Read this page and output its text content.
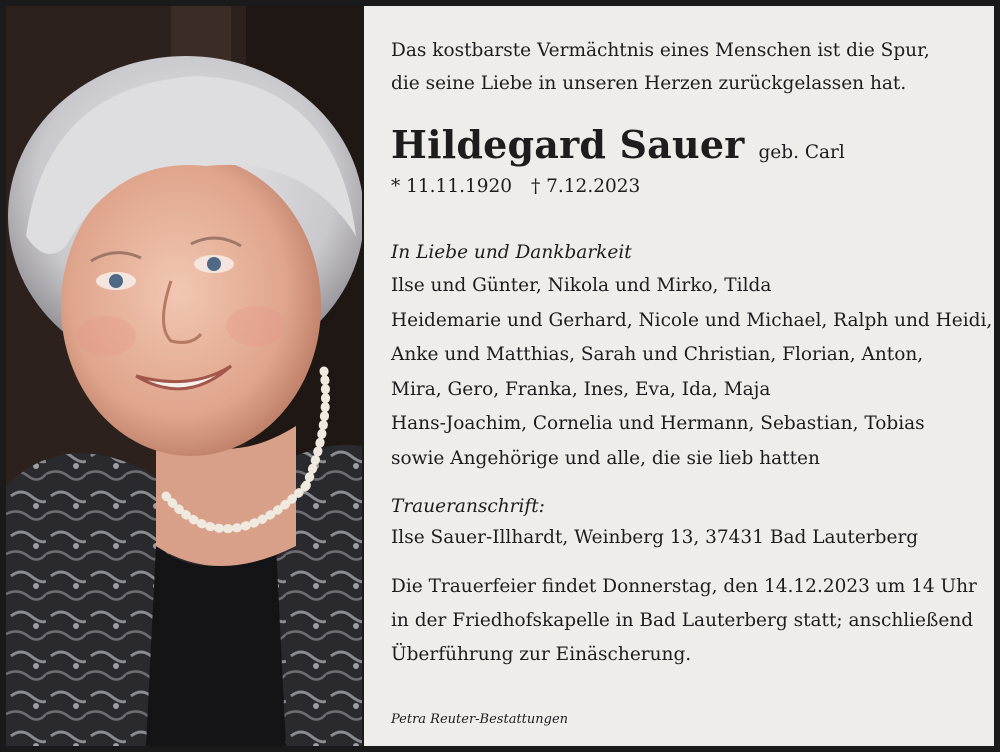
Das kostbarste Vermächtnis eines Menschen ist die Spur,
die seine Liebe in unseren Herzen zurückgelassen hat.
Hildegard Sauer geb. Carl
* 11.11.1920	† 7.12.2023
In Liebe und Dankbarkeit
Ilse und Günter, Nikola und Mirko, Tilda
Heidemarie und Gerhard, Nicole und Michael, Ralph und Heidi,
Anke und Matthias, Sarah und Christian, Florian, Anton,
Mira, Gero, Franka, Ines, Eva, Ida, Maja
Hans-Joachim, Cornelia und Hermann, Sebastian, Tobias
sowie Angehörige und alle, die sie lieb hatten
Traueranschrift:
Ilse Sauer-Illhardt, Weinberg 13, 37431 Bad Lauterberg
Die Trauerfeier findet Donnerstag, den 14.12.2023 um 14 Uhr
in der Friedhofskapelle in Bad Lauterberg statt; anschließend
Überführung zur Einäscherung.
Petra Reuter-Bestattungen
